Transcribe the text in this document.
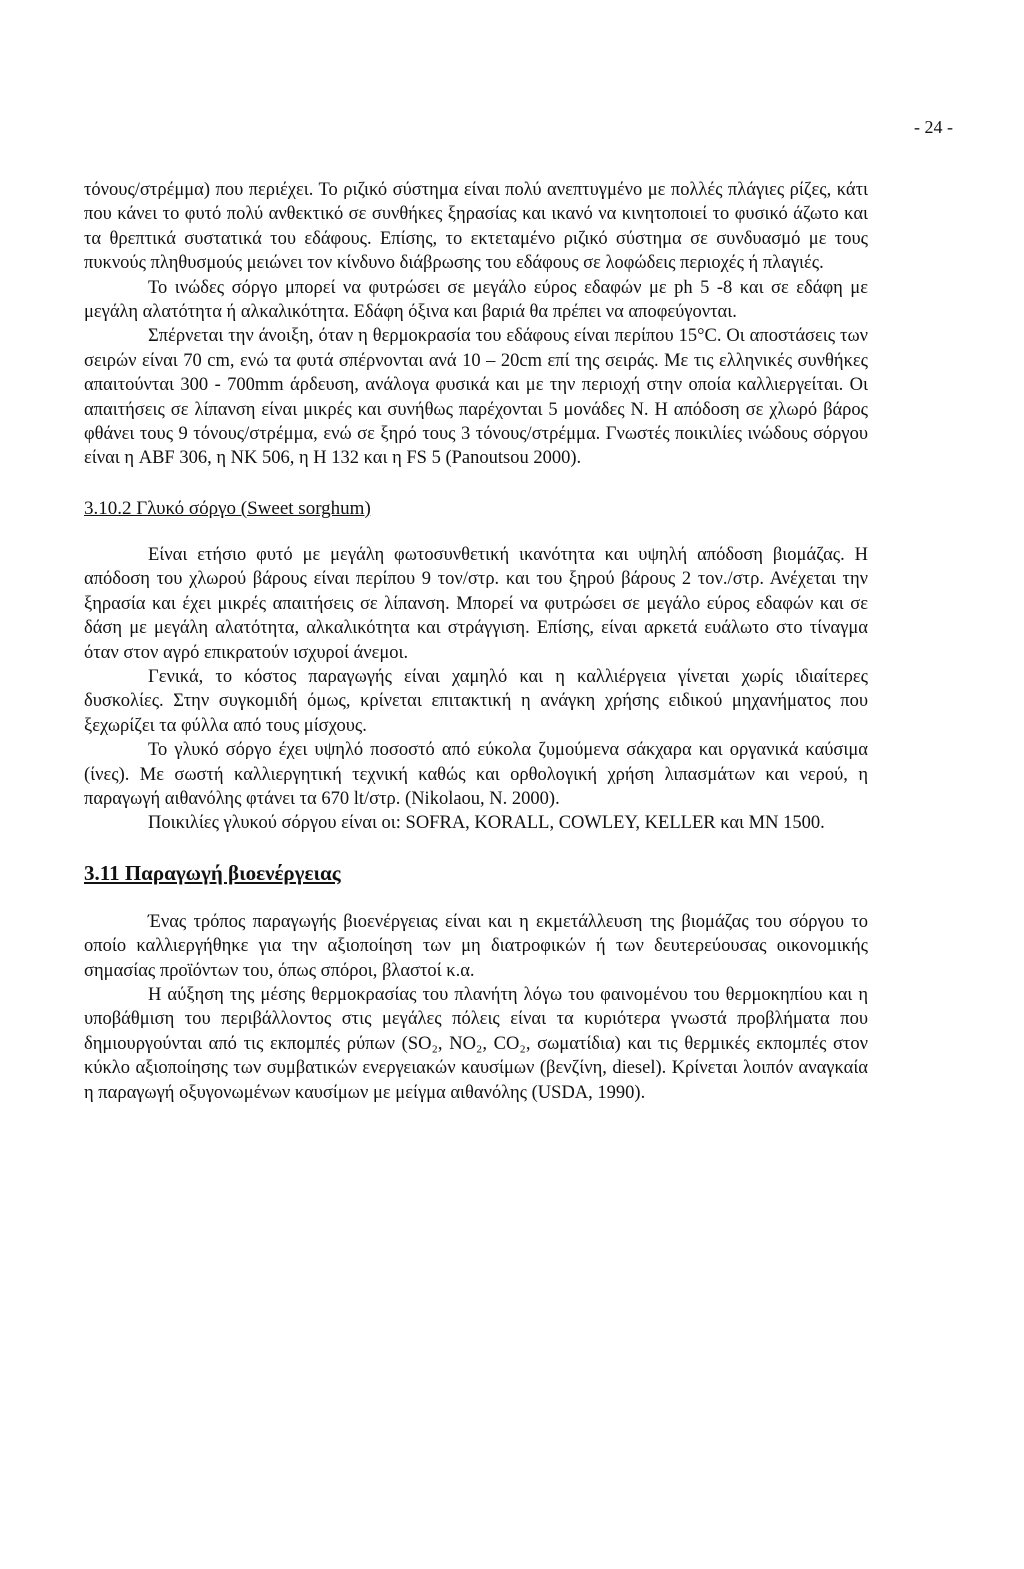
- 24 -

τόνους/στρέμμα) που περιέχει. Το ριζικό σύστημα είναι πολύ ανεπτυγμένο με πολλές πλάγιες ρίζες, κάτι που κάνει το φυτό πολύ ανθεκτικό σε συνθήκες ξηρασίας και ικανό να κινητοποιεί το φυσικό άζωτο και τα θρεπτικά συστατικά του εδάφους. Επίσης, το εκτεταμένο ριζικό σύστημα σε συνδυασμό με τους πυκνούς πληθυσμούς μειώνει τον κίνδυνο διάβρωσης του εδάφους σε λοφώδεις περιοχές ή πλαγιές.

Το ινώδες σόργο μπορεί να φυτρώσει σε μεγάλο εύρος εδαφών με ph 5 -8 και σε εδάφη με μεγάλη αλατότητα ή αλκαλικότητα. Εδάφη όξινα και βαριά θα πρέπει να αποφεύγονται.

Σπέρνεται την άνοιξη, όταν η θερμοκρασία του εδάφους είναι περίπου 15°C. Οι αποστάσεις των σειρών είναι 70 cm, ενώ τα φυτά σπέρνονται ανά 10 – 20cm επί της σειράς. Με τις ελληνικές συνθήκες απαιτούνται 300 - 700mm άρδευση, ανάλογα φυσικά και με την περιοχή στην οποία καλλιεργείται. Οι απαιτήσεις σε λίπανση είναι μικρές και συνήθως παρέχονται 5 μονάδες Ν. Η απόδοση σε χλωρό βάρος φθάνει τους 9 τόνους/στρέμμα, ενώ σε ξηρό τους 3 τόνους/στρέμμα. Γνωστές ποικιλίες ινώδους σόργου είναι η ABF 306, η NK 506, η H 132 και η FS 5 (Panoutsou 2000).

3.10.2 Γλυκό σόργο (Sweet sorghum)

Είναι ετήσιο φυτό με μεγάλη φωτοσυνθετική ικανότητα και υψηλή απόδοση βιομάζας. Η απόδοση του χλωρού βάρους είναι περίπου 9 τον/στρ. και του ξηρού βάρους 2 τον./στρ. Ανέχεται την ξηρασία και έχει μικρές απαιτήσεις σε λίπανση. Μπορεί να φυτρώσει σε μεγάλο εύρος εδαφών και σε δάση με μεγάλη αλατότητα, αλκαλικότητα και στράγγιση. Επίσης, είναι αρκετά ευάλωτο στο τίναγμα όταν στον αγρό επικρατούν ισχυροί άνεμοι.

Γενικά, το κόστος παραγωγής είναι χαμηλό και η καλλιέργεια γίνεται χωρίς ιδιαίτερες δυσκολίες. Στην συγκομιδή όμως, κρίνεται επιτακτική η ανάγκη χρήσης ειδικού μηχανήματος που ξεχωρίζει τα φύλλα από τους μίσχους.

Το γλυκό σόργο έχει υψηλό ποσοστό από εύκολα ζυμούμενα σάκχαρα και οργανικά καύσιμα (ίνες). Με σωστή καλλιεργητική τεχνική καθώς και ορθολογική χρήση λιπασμάτων και νερού, η παραγωγή αιθανόλης φτάνει τα 670 lt/στρ. (Nikolaou, N. 2000).

Ποικιλίες γλυκού σόργου είναι οι: SOFRA, KORALL, COWLEY, KELLER και MN 1500.

3.11 Παραγωγή βιοενέργειας

Ένας τρόπος παραγωγής βιοενέργειας είναι και η εκμετάλλευση της βιομάζας του σόργου το οποίο καλλιεργήθηκε για την αξιοποίηση των μη διατροφικών ή των δευτερεύουσας οικονομικής σημασίας προϊόντων του, όπως σπόροι, βλαστοί κ.α.

Η αύξηση της μέσης θερμοκρασίας του πλανήτη λόγω του φαινομένου του θερμοκηπίου και η υποβάθμιση του περιβάλλοντος στις μεγάλες πόλεις είναι τα κυριότερα γνωστά προβλήματα που δημιουργούνται από τις εκπομπές ρύπων (SO₂, NO₂, CO₂, σωματίδια) και τις θερμικές εκπομπές στον κύκλο αξιοποίησης των συμβατικών ενεργειακών καυσίμων (βενζίνη, diesel). Κρίνεται λοιπόν αναγκαία η παραγωγή οξυγονωμένων καυσίμων με μείγμα αιθανόλης (USDA, 1990).
